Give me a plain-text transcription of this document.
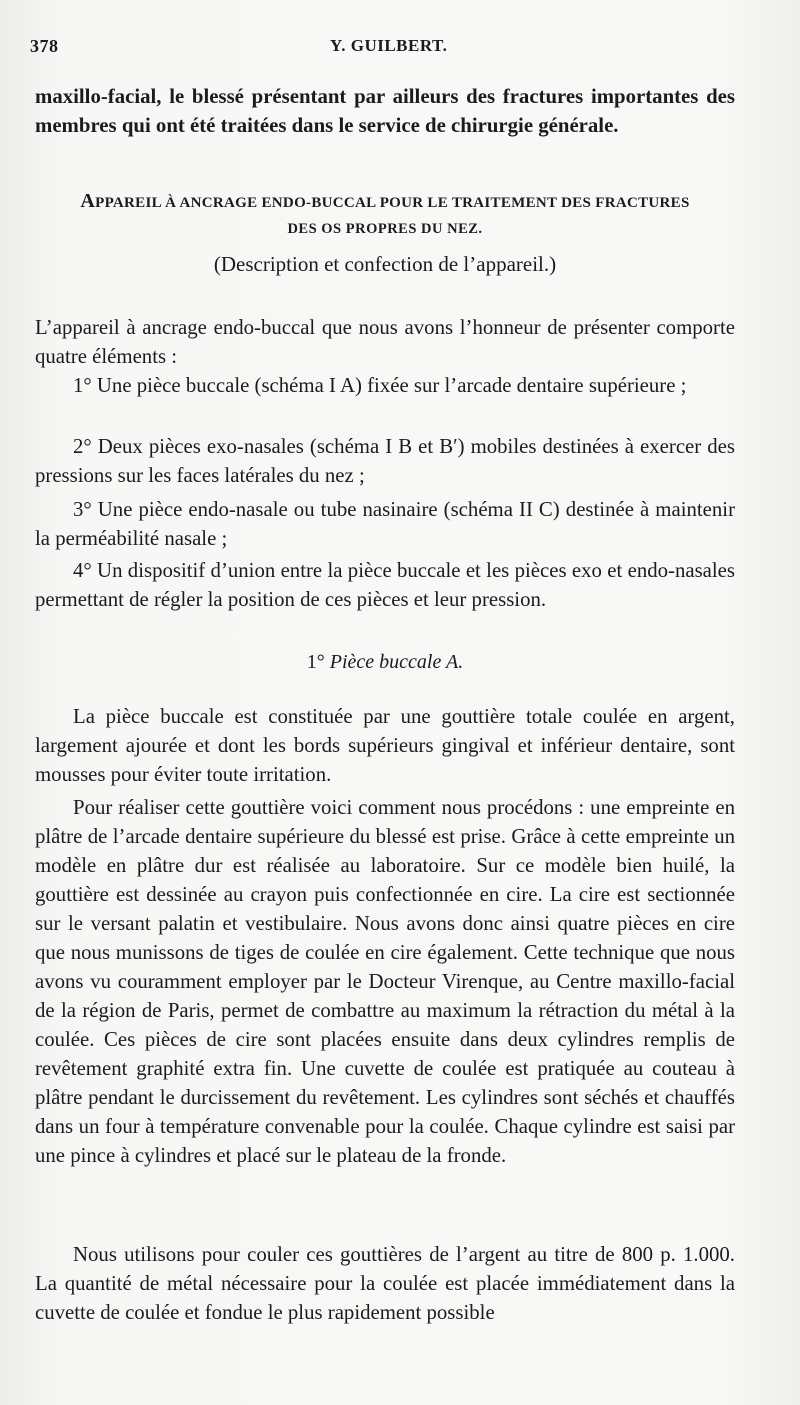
378	Y. GUILBERT.
maxillo-facial, le blessé présentant par ailleurs des fractures importantes des membres qui ont été traitées dans le service de chirurgie générale.
APPAREIL À ANCRAGE ENDO-BUCCAL POUR LE TRAITEMENT DES FRACTURES
DES OS PROPRES DU NEZ.
(Description et confection de l’appareil.)
L’appareil à ancrage endo-buccal que nous avons l’honneur de présenter comporte quatre éléments :
1° Une pièce buccale (schéma I A) fixée sur l’arcade dentaire supérieure ;
2° Deux pièces exo-nasales (schéma I B et B′) mobiles destinées à exercer des pressions sur les faces latérales du nez ;
3° Une pièce endo-nasale ou tube nasinaire (schéma II C) destinée à maintenir la perméabilité nasale ;
4° Un dispositif d’union entre la pièce buccale et les pièces exo et endo-nasales permettant de régler la position de ces pièces et leur pression.
1° Pièce buccale A.
La pièce buccale est constituée par une gouttière totale coulée en argent, largement ajourée et dont les bords supérieurs gingival et inférieur dentaire, sont mousses pour éviter toute irritation.
Pour réaliser cette gouttière voici comment nous procédons : une empreinte en plâtre de l’arcade dentaire supérieure du blessé est prise. Grâce à cette empreinte un modèle en plâtre dur est réalisée au laboratoire. Sur ce modèle bien huilé, la gouttière est dessinée au crayon puis confectionnée en cire. La cire est sectionnée sur le versant palatin et vestibulaire. Nous avons donc ainsi quatre pièces en cire que nous munissons de tiges de coulée en cire également. Cette technique que nous avons vu couramment employer par le Docteur Virenque, au Centre maxillo-facial de la région de Paris, permet de combattre au maximum la rétraction du métal à la coulée. Ces pièces de cire sont placées ensuite dans deux cylindres remplis de revêtement graphité extra fin. Une cuvette de coulée est pratiquée au couteau à plâtre pendant le durcissement du revêtement. Les cylindres sont séchés et chauffés dans un four à température convenable pour la coulée. Chaque cylindre est saisi par une pince à cylindres et placé sur le plateau de la fronde.
Nous utilisons pour couler ces gouttières de l’argent au titre de 800 p. 1.000. La quantité de métal nécessaire pour la coulée est placée immédiatement dans la cuvette de coulée et fondue le plus rapidement possible
